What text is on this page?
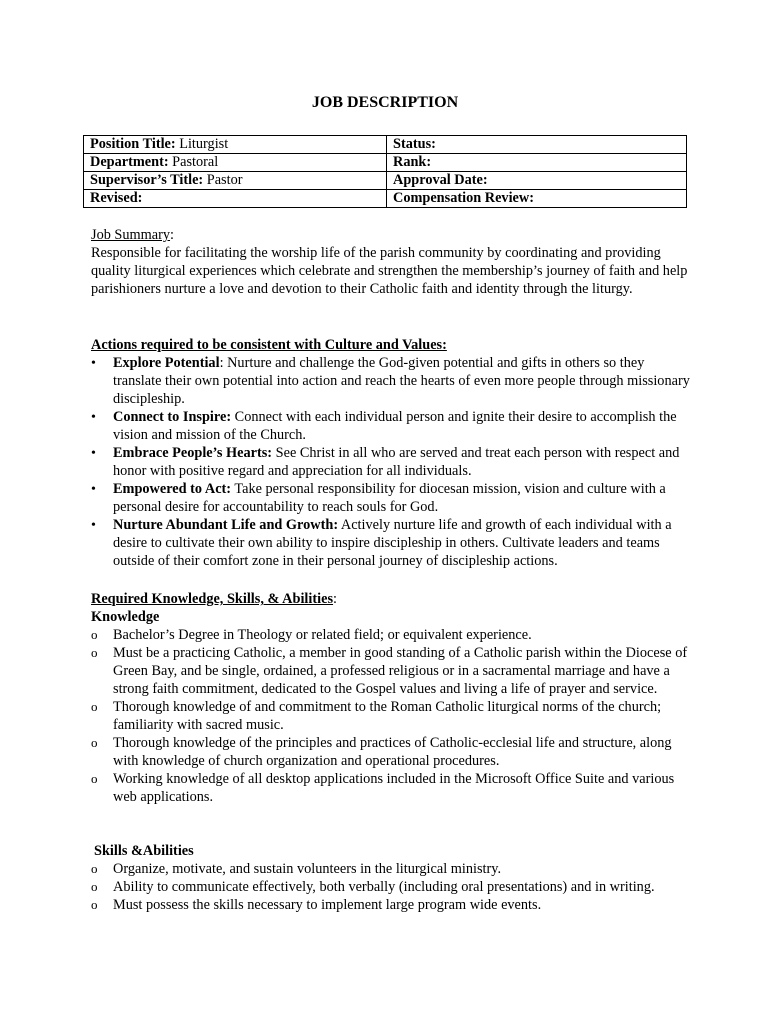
JOB DESCRIPTION
Position Title: Liturgist	Status:
Department: Pastoral	Rank:
Supervisor’s Title: Pastor	Approval Date:
Revised:	Compensation Review:

Job Summary:

Responsible for facilitating the worship life of the parish community by coordinating and providing quality liturgical experiences which celebrate and strengthen the membership’s journey of faith and help parishioners nurture a love and devotion to their Catholic faith and identity through the liturgy.

Actions required to be consistent with Culture and Values:

•
Explore Potential: Nurture and challenge the God-given potential and gifts in others so they translate their own potential into action and reach the hearts of even more people through missionary discipleship.
•
Connect to Inspire: Connect with each individual person and ignite their desire to accomplish the vision and mission of the Church.
•
Embrace People’s Hearts: See Christ in all who are served and treat each person with respect and honor with positive regard and appreciation for all individuals.
•
Empowered to Act: Take personal responsibility for diocesan mission, vision and culture with a personal desire for accountability to reach souls for God.
•
Nurture Abundant Life and Growth: Actively nurture life and growth of each individual with a desire to cultivate their own ability to inspire discipleship in others. Cultivate leaders and teams outside of their comfort zone in their personal journey of discipleship actions.

Required Knowledge, Skills, & Abilities:

Knowledge

o
Bachelor’s Degree in Theology or related field; or equivalent experience.
o
Must be a practicing Catholic, a member in good standing of a Catholic parish within the Diocese of Green Bay, and be single, ordained, a professed religious or in a sacramental marriage and have a strong faith commitment, dedicated to the Gospel values and living a life of prayer and service.
o
Thorough knowledge of and commitment to the Roman Catholic liturgical norms of the church; familiarity with sacred music.
o
Thorough knowledge of the principles and practices of Catholic-ecclesial life and structure, along with knowledge of church organization and operational procedures.
o
Working knowledge of all desktop applications included in the Microsoft Office Suite and various web applications.

Skills &Abilities

o
Organize, motivate, and sustain volunteers in the liturgical ministry.
o
Ability to communicate effectively, both verbally (including oral presentations) and in writing.
o
Must possess the skills necessary to implement large program wide events.
